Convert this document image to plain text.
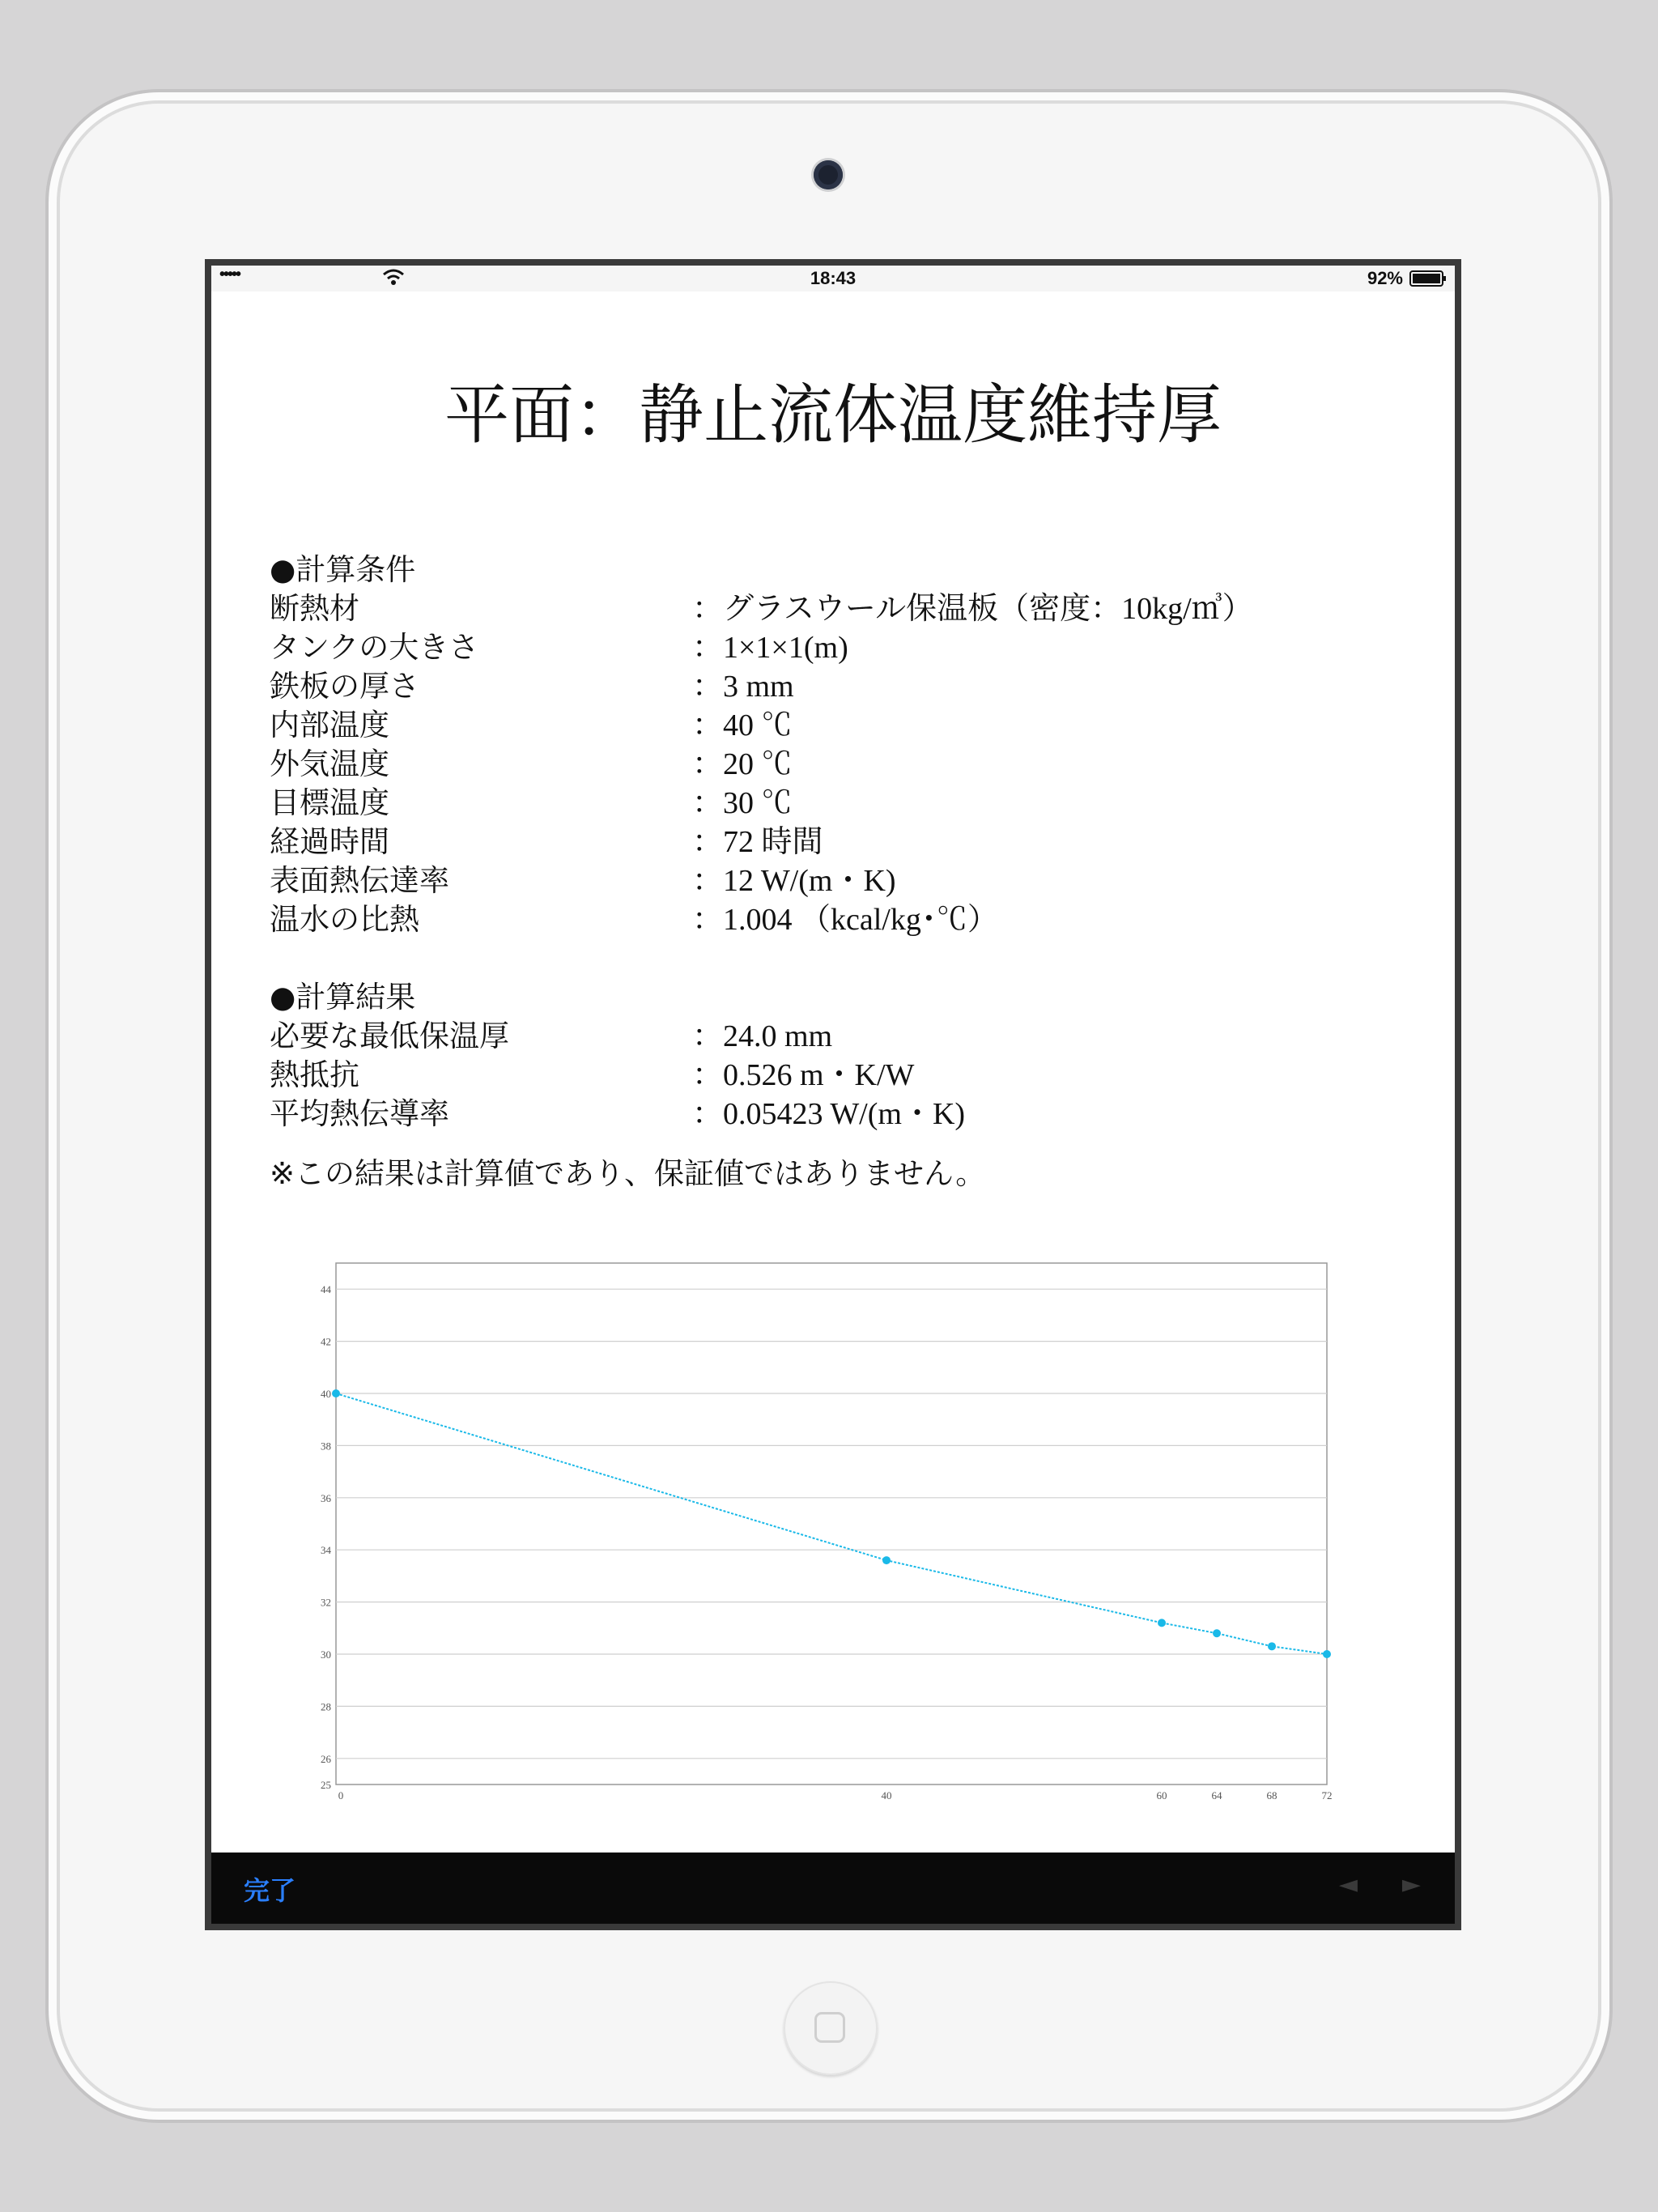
•••••	18:43	92%
平面：静止流体温度維持厚
●計算条件
断熱材	：グラスウール保温板（密度：10kg/㎥）
タンクの大きさ	：1×1×1(m)
鉄板の厚さ	：3 mm
内部温度	：40 ℃
外気温度	：20 ℃
目標温度	：30 ℃
経過時間	：72 時間
表面熱伝達率	：12 W/(m・K)
温水の比熱	：1.004 （kcal/kg･℃）
●計算結果
必要な最低保温厚	：24.0 mm
熱抵抗	：0.526 m・K/W
平均熱伝導率	：0.05423 W/(m・K)
※この結果は計算値であり、保証値ではありません。
25
26
28
30
32
34
36
38
40
42
44
0	40	60	64	68	72
完了	◄ ►
